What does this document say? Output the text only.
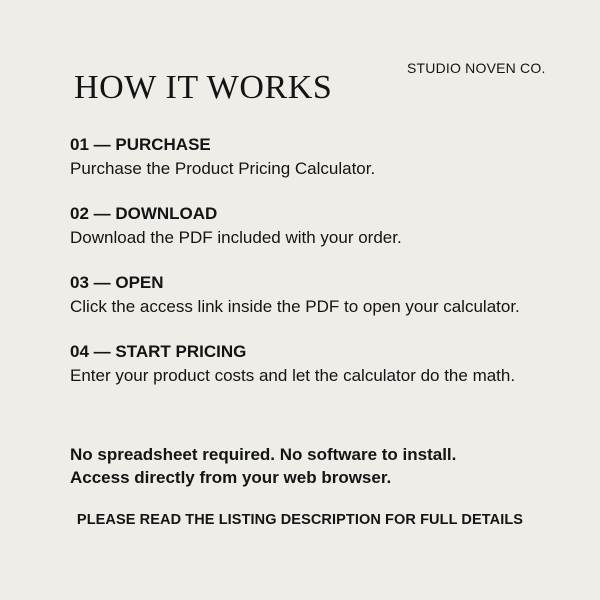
STUDIO NOVEN CO.
HOW IT WORKS
01 — PURCHASE
Purchase the Product Pricing Calculator.
02 — DOWNLOAD
Download the PDF included with your order.
03 — OPEN
Click the access link inside the PDF to open your calculator.
04 — START PRICING
Enter your product costs and let the calculator do the math.
No spreadsheet required. No software to install.
Access directly from your web browser.
PLEASE READ THE LISTING DESCRIPTION FOR FULL DETAILS
